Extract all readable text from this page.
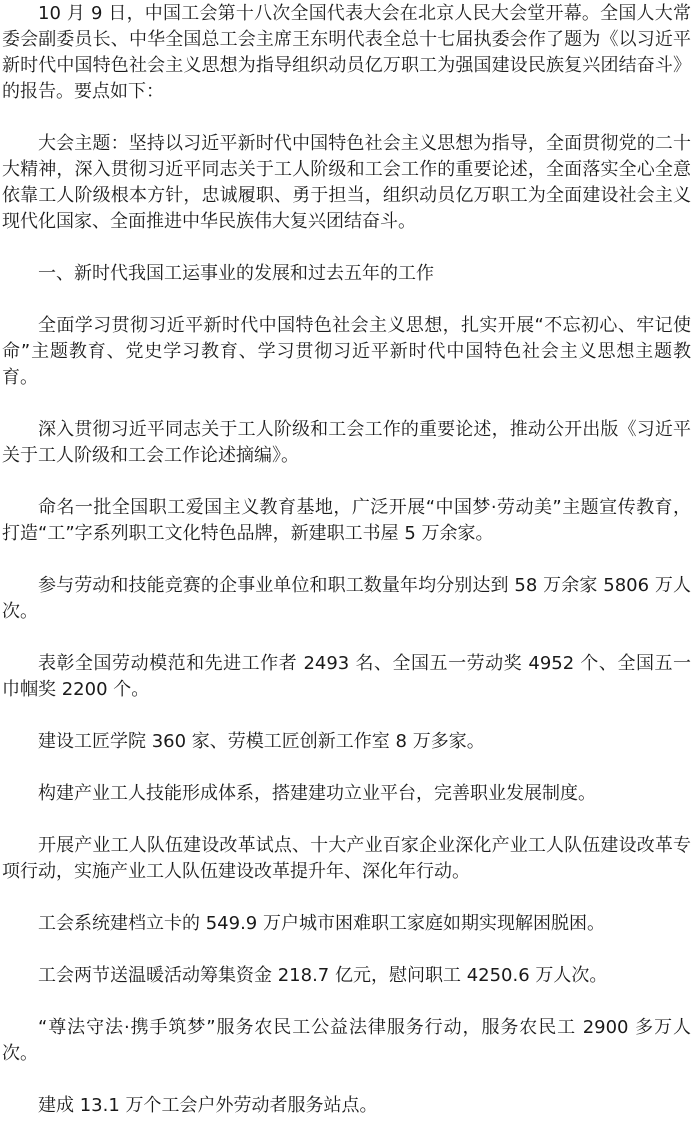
10 月 9 日，中国工会第十八次全国代表大会在北京人民大会堂开幕。全国人大常委会副委员长、中华全国总工会主席王东明代表全总十七届执委会作了题为《以习近平新时代中国特色社会主义思想为指导组织动员亿万职工为强国建设民族复兴团结奋斗》的报告。要点如下：

大会主题：坚持以习近平新时代中国特色社会主义思想为指导，全面贯彻党的二十大精神，深入贯彻习近平同志关于工人阶级和工会工作的重要论述，全面落实全心全意依靠工人阶级根本方针，忠诚履职、勇于担当，组织动员亿万职工为全面建设社会主义现代化国家、全面推进中华民族伟大复兴团结奋斗。

一、新时代我国工运事业的发展和过去五年的工作

全面学习贯彻习近平新时代中国特色社会主义思想，扎实开展“不忘初心、牢记使命”主题教育、党史学习教育、学习贯彻习近平新时代中国特色社会主义思想主题教育。

深入贯彻习近平同志关于工人阶级和工会工作的重要论述，推动公开出版《习近平关于工人阶级和工会工作论述摘编》。

命名一批全国职工爱国主义教育基地，广泛开展“中国梦·劳动美”主题宣传教育，打造“工”字系列职工文化特色品牌，新建职工书屋 5 万余家。

参与劳动和技能竞赛的企事业单位和职工数量年均分别达到 58 万余家 5806 万人次。

表彰全国劳动模范和先进工作者 2493 名、全国五一劳动奖 4952 个、全国五一巾帼奖 2200 个。

建设工匠学院 360 家、劳模工匠创新工作室 8 万多家。

构建产业工人技能形成体系，搭建建功立业平台，完善职业发展制度。

开展产业工人队伍建设改革试点、十大产业百家企业深化产业工人队伍建设改革专项行动，实施产业工人队伍建设改革提升年、深化年行动。

工会系统建档立卡的 549.9 万户城市困难职工家庭如期实现解困脱困。

工会两节送温暖活动筹集资金 218.7 亿元，慰问职工 4250.6 万人次。

“尊法守法·携手筑梦”服务农民工公益法律服务行动，服务农民工 2900 多万人次。

建成 13.1 万个工会户外劳动者服务站点。
